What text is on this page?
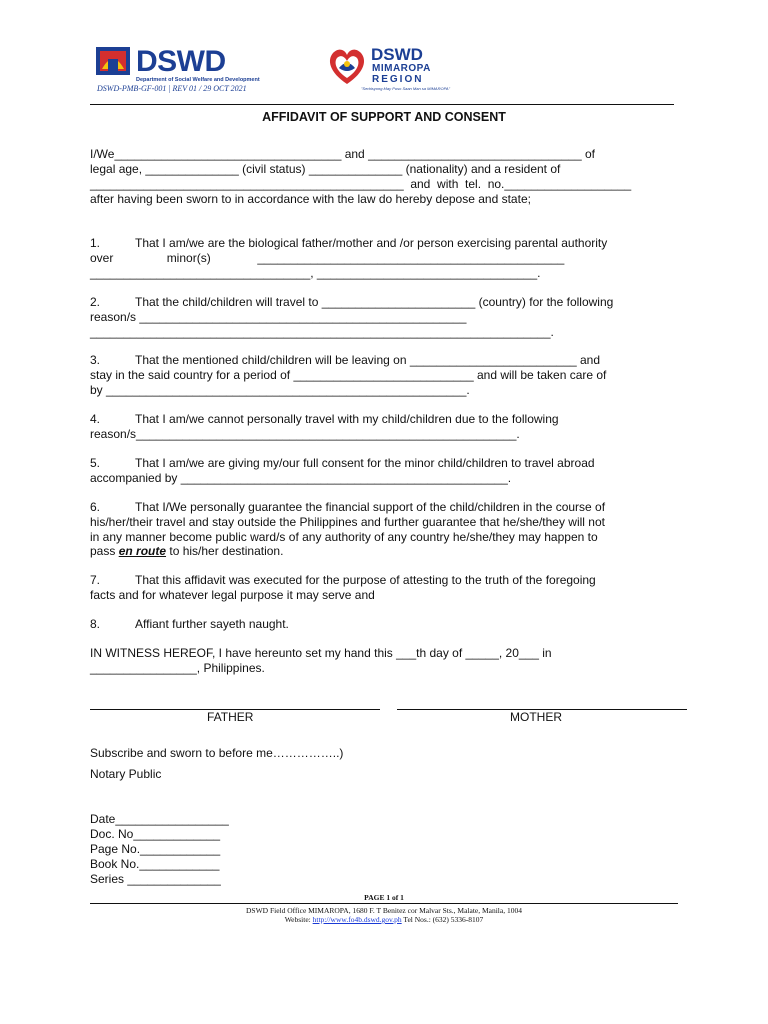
DSWD
Department of Social Welfare and Development
DSWD-PMB-GF-001 | REV 01 / 29 OCT 2021
DSWD
MIMAROPA
REGION
"Serbisyong May Puso Saan Man sa MIMAROPA"
AFFIDAVIT OF SUPPORT AND CONSENT
I/We__________________________________ and ________________________________ of
legal age, ______________ (civil status) ______________ (nationality) and a resident of
_______________________________________________  and  with  tel.  no.___________________
after having been sworn to in accordance with the law do hereby depose and state;
1.	That I am/we are the biological father/mother and /or person exercising parental authority
over                minor(s)              ______________________________________________
_________________________________, _________________________________.
2.	That the child/children will travel to _______________________ (country) for the following
reason/s _________________________________________________
_____________________________________________________________________.
3.	That the mentioned child/children will be leaving on _________________________ and
stay in the said country for a period of ___________________________ and will be taken care of
by ______________________________________________________.
4.	That I am/we cannot personally travel with my child/children due to the following
reason/s_________________________________________________________.
5.	That I am/we are giving my/our full consent for the minor child/children to travel abroad
accompanied by _________________________________________________.
6.	That I/We personally guarantee the financial support of the child/children in the course of
his/her/their travel and stay outside the Philippines and further guarantee that he/she/they will not
in any manner become public ward/s of any authority of any country he/she/they may happen to
pass en route to his/her destination.
7.	That this affidavit was executed for the purpose of attesting to the truth of the foregoing
facts and for whatever legal purpose it may serve and
8.	Affiant further sayeth naught.
IN WITNESS HEREOF, I have hereunto set my hand this ___th day of _____, 20___ in
________________, Philippines.
FATHER	MOTHER
Subscribe and sworn to before me……………..)
Notary Public
Date_________________
Doc. No_____________
Page No.____________
Book No.____________
Series ______________
PAGE 1 of 1
DSWD Field Office MIMAROPA, 1680 F. T Benitez cor Malvar Sts., Malate, Manila, 1004
Website: http://www.fo4b.dswd.gov.ph Tel Nos.: (632) 5336-8107
